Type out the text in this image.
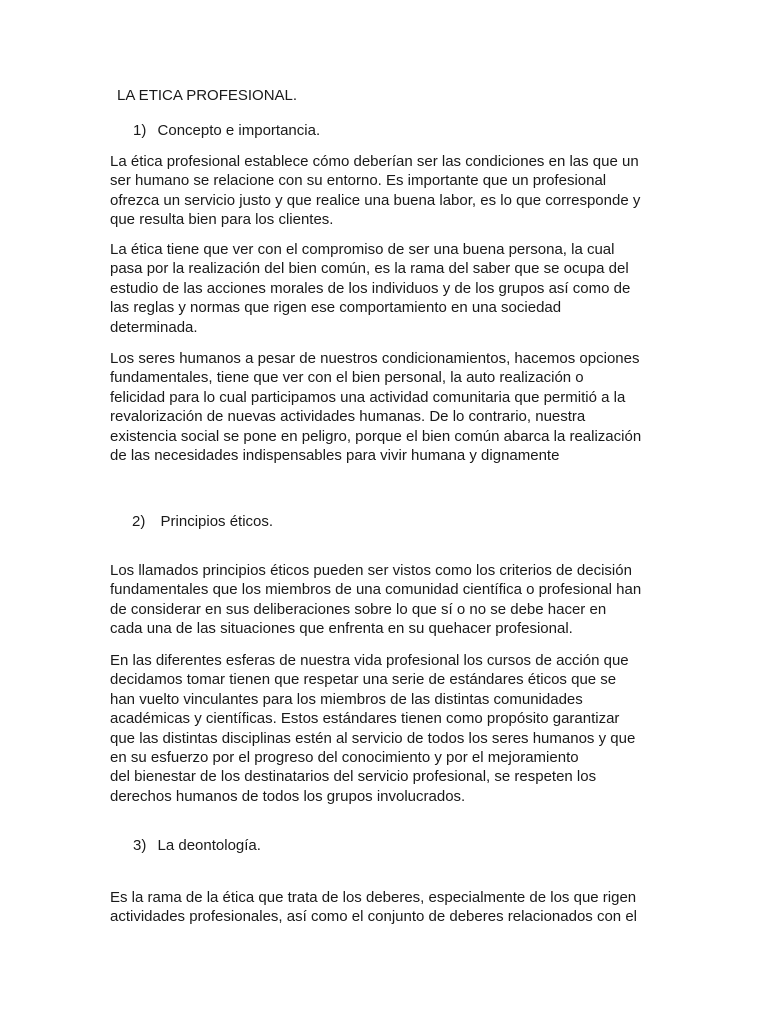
LA ETICA PROFESIONAL.
1) Concepto e importancia.
La ética profesional establece cómo deberían ser las condiciones en las que un
ser humano se relacione con su entorno. Es importante que un profesional
ofrezca un servicio justo y que realice una buena labor, es lo que corresponde y
que resulta bien para los clientes.
La ética tiene que ver con el compromiso de ser una buena persona, la cual
pasa por la realización del bien común, es la rama del saber que se ocupa del
estudio de las acciones morales de los individuos y de los grupos así como de
las reglas y normas que rigen ese comportamiento en una sociedad
determinada.
Los seres humanos a pesar de nuestros condicionamientos, hacemos opciones
fundamentales, tiene que ver con el bien personal, la auto realización o
felicidad para lo cual participamos una actividad comunitaria que permitió a la
revalorización de nuevas actividades humanas. De lo contrario, nuestra
existencia social se pone en peligro, porque el bien común abarca la realización
de las necesidades indispensables para vivir humana y dignamente
2) Principios éticos.
Los llamados principios éticos pueden ser vistos como los criterios de decisión
fundamentales que los miembros de una comunidad científica o profesional han
de considerar en sus deliberaciones sobre lo que sí o no se debe hacer en
cada una de las situaciones que enfrenta en su quehacer profesional.
En las diferentes esferas de nuestra vida profesional los cursos de acción que
decidamos tomar tienen que respetar una serie de estándares éticos que se
han vuelto vinculantes para los miembros de las distintas comunidades
académicas y científicas. Estos estándares tienen como propósito garantizar
que las distintas disciplinas estén al servicio de todos los seres humanos y que
en su esfuerzo por el progreso del conocimiento y por el mejoramiento
del bienestar de los destinatarios del servicio profesional, se respeten los
derechos humanos de todos los grupos involucrados.
3) La deontología.
Es la rama de la ética que trata de los deberes, especialmente de los que rigen
actividades profesionales, así como el conjunto de deberes relacionados con el
